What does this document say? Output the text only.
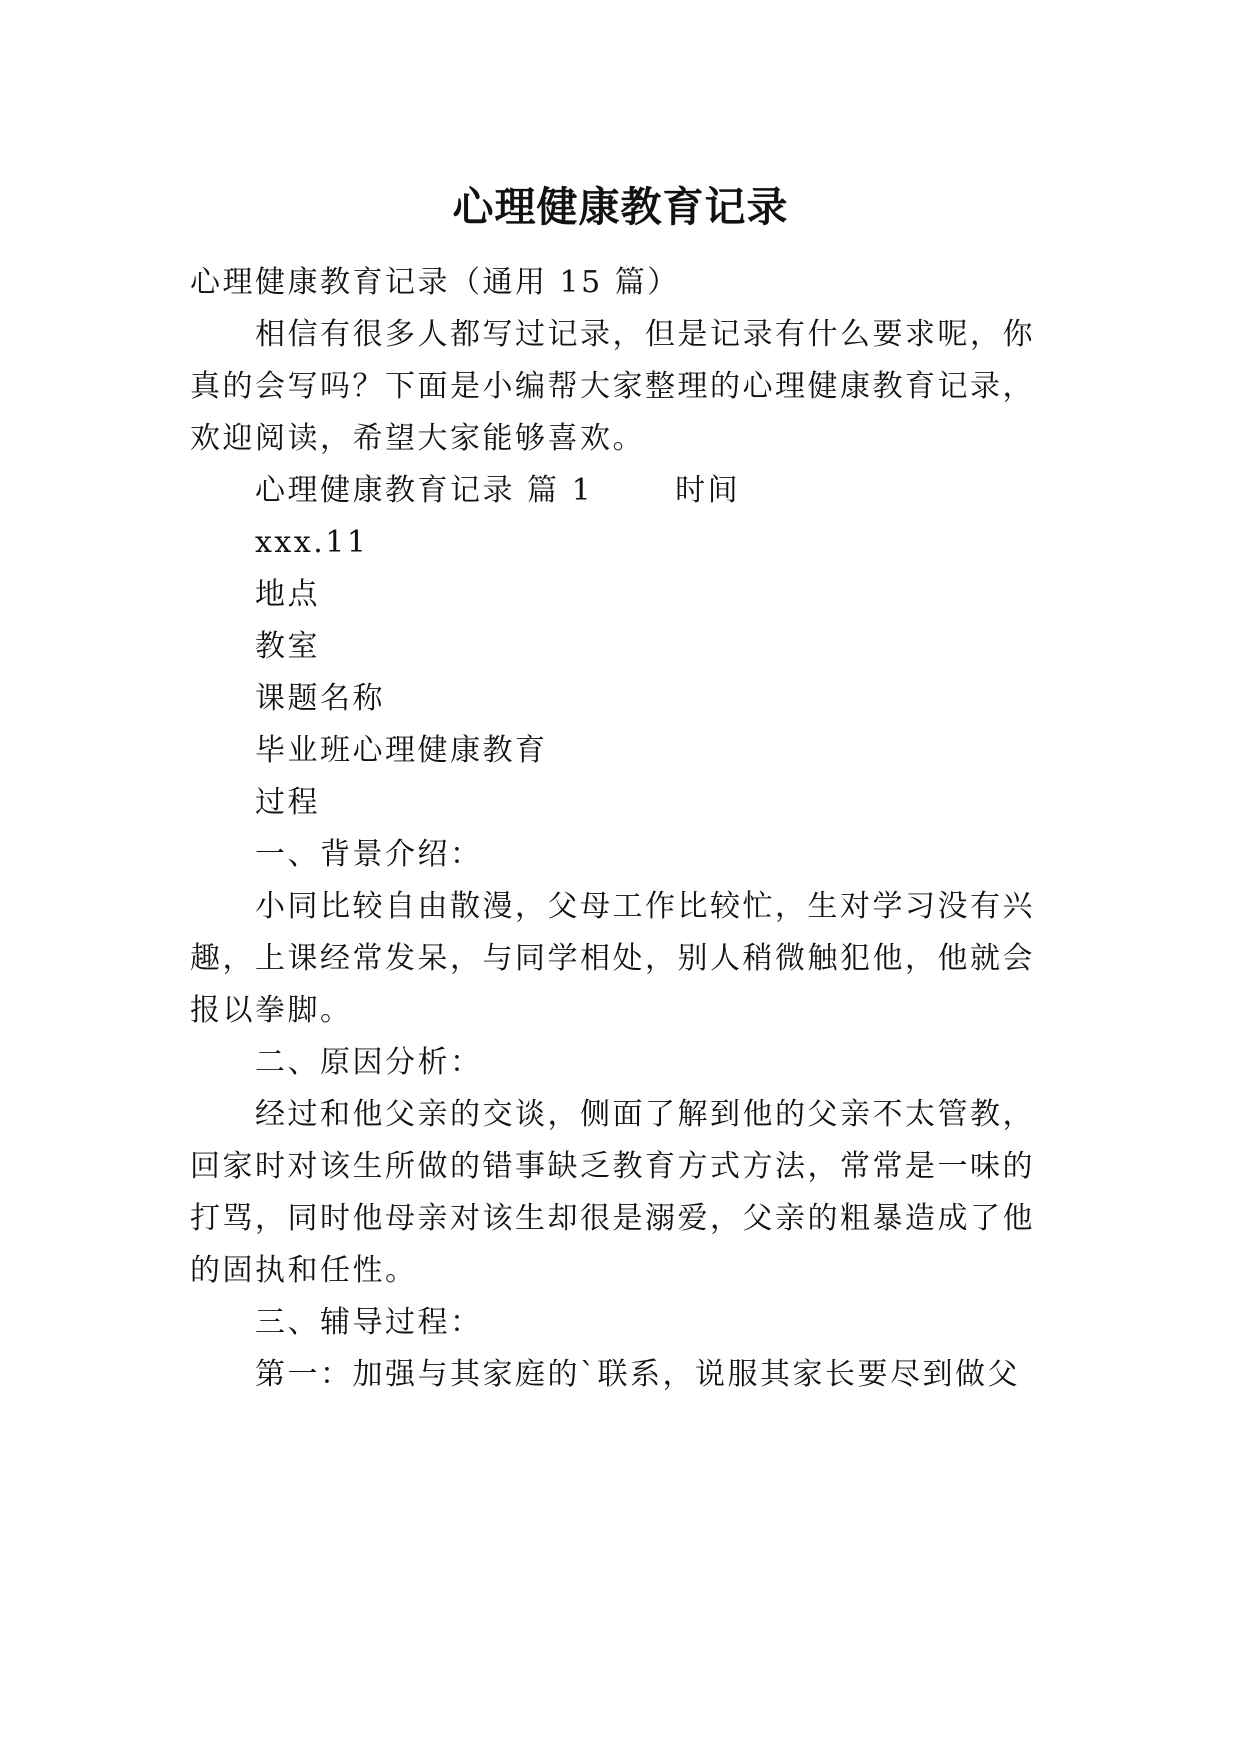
心理健康教育记录
心理健康教育记录（通用 15 篇）
相信有很多人都写过记录，但是记录有什么要求呢，你
真的会写吗？下面是小编帮大家整理的心理健康教育记录，
欢迎阅读，希望大家能够喜欢。
心理健康教育记录 篇 1	时间
xxx.11
地点
教室
课题名称
毕业班心理健康教育
过程
一、背景介绍：
小同比较自由散漫，父母工作比较忙，生对学习没有兴
趣，上课经常发呆，与同学相处，别人稍微触犯他，他就会
报以拳脚。
二、原因分析：
经过和他父亲的交谈，侧面了解到他的父亲不太管教，
回家时对该生所做的错事缺乏教育方式方法，常常是一味的
打骂，同时他母亲对该生却很是溺爱，父亲的粗暴造成了他
的固执和任性。
三、辅导过程：
第一：加强与其家庭的`联系，说服其家长要尽到做父
